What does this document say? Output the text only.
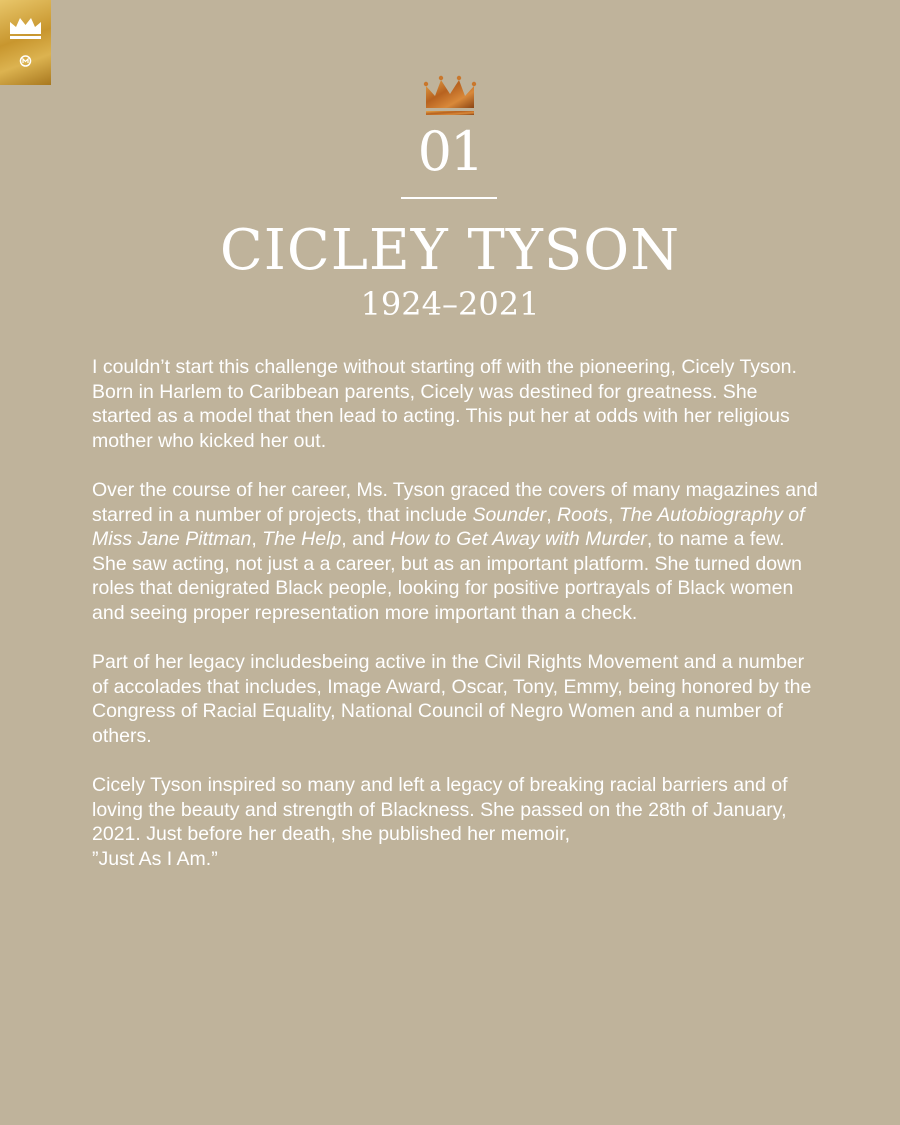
01
CICLEY TYSON
1924–2021

I couldn’t start this challenge without starting off with the pioneering, Cicely Tyson. Born in Harlem to Caribbean parents, Cicely was destined for greatness. She started as a model that then lead to acting. This put her at odds with her religious mother who kicked her out.

Over the course of her career, Ms. Tyson graced the covers of many magazines and starred in a number of projects, that include Sounder, Roots, The Autobiography of Miss Jane Pittman, The Help, and How to Get Away with Murder, to name a few. She saw acting, not just a a career, but as an important platform. She turned down roles that denigrated Black people, looking for positive portrayals of Black women and seeing proper representation more important than a check.

Part of her legacy includesbeing active in the Civil Rights Movement and a number of accolades that includes, Image Award, Oscar, Tony, Emmy, being honored by the Congress of Racial Equality, National Council of Negro Women and a number of others.

Cicely Tyson inspired so many and left a legacy of breaking racial barriers and of loving the beauty and strength of Blackness. She passed on the 28th of January, 2021. Just before her death, she published her memoir,
”Just As I Am.”
